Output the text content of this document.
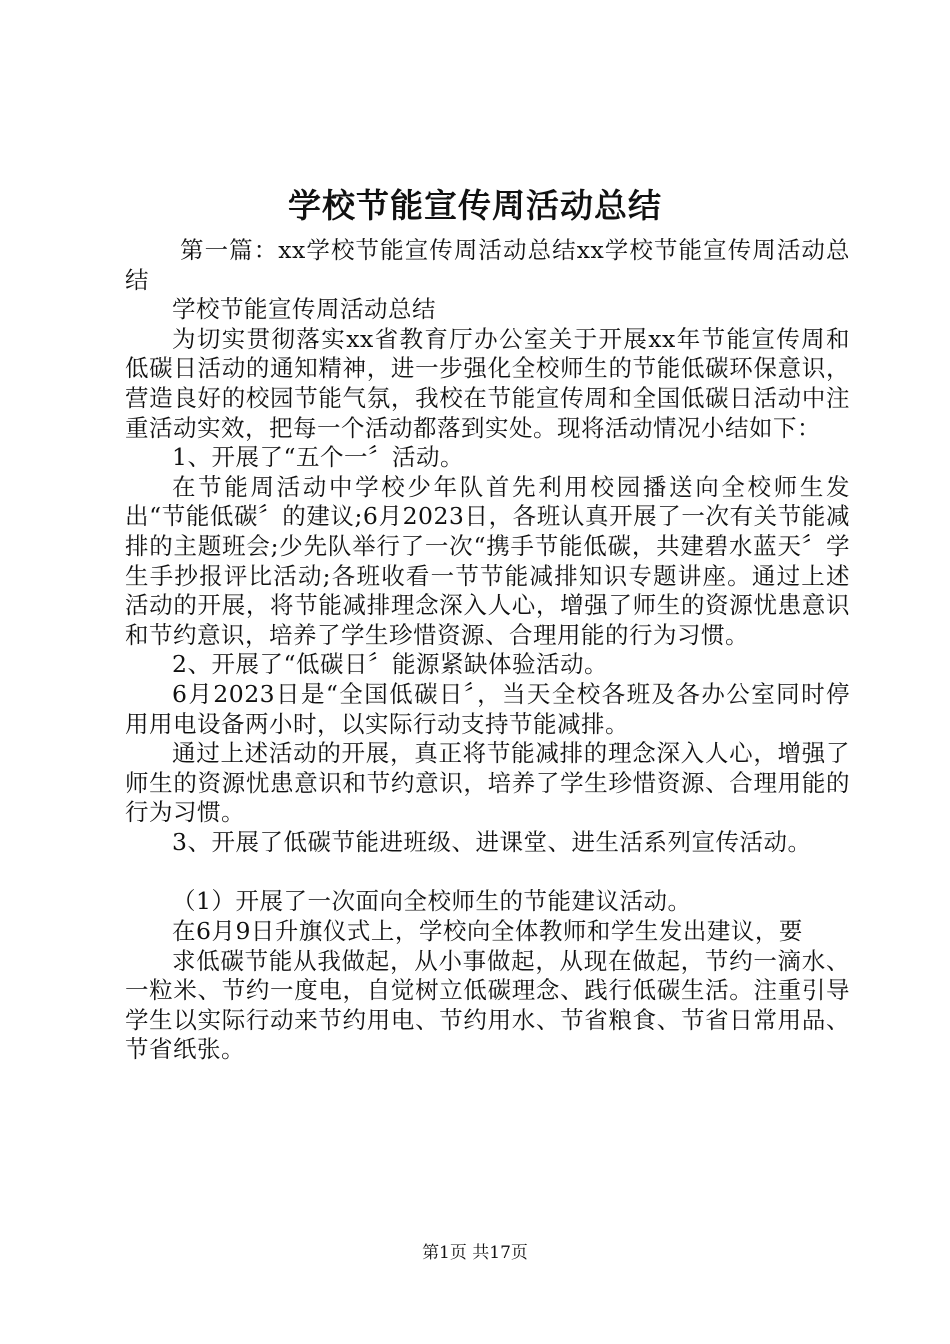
学校节能宣传周活动总结

第一篇：xx学校节能宣传周活动总结xx学校节能宣传周活动总结

学校节能宣传周活动总结

为切实贯彻落实xx省教育厅办公室关于开展xx年节能宣传周和低碳日活动的通知精神，进一步强化全校师生的节能低碳环保意识，营造良好的校园节能气氛，我校在节能宣传周和全国低碳日活动中注重活动实效，把每一个活动都落到实处。现将活动情况小结如下：

1、开展了“五个一〞活动。

在节能周活动中学校少年队首先利用校园播送向全校师生发出“节能低碳〞的建议;6月2023日，各班认真开展了一次有关节能减排的主题班会;少先队举行了一次“携手节能低碳，共建碧水蓝天〞学生手抄报评比活动;各班收看一节节能减排知识专题讲座。通过上述活动的开展，将节能减排理念深入人心，增强了师生的资源忧患意识和节约意识，培养了学生珍惜资源、合理用能的行为习惯。

2、开展了“低碳日〞能源紧缺体验活动。

6月2023日是“全国低碳日〞，当天全校各班及各办公室同时停用用电设备两小时，以实际行动支持节能减排。

通过上述活动的开展，真正将节能减排的理念深入人心，增强了师生的资源忧患意识和节约意识，培养了学生珍惜资源、合理用能的行为习惯。

3、开展了低碳节能进班级、进课堂、进生活系列宣传活动。

（1）开展了一次面向全校师生的节能建议活动。

在6月9日升旗仪式上，学校向全体教师和学生发出建议，要

求低碳节能从我做起，从小事做起，从现在做起，节约一滴水、一粒米、节约一度电，自觉树立低碳理念、践行低碳生活。注重引导学生以实际行动来节约用电、节约用水、节省粮食、节省日常用品、节省纸张。

第1页 共17页
